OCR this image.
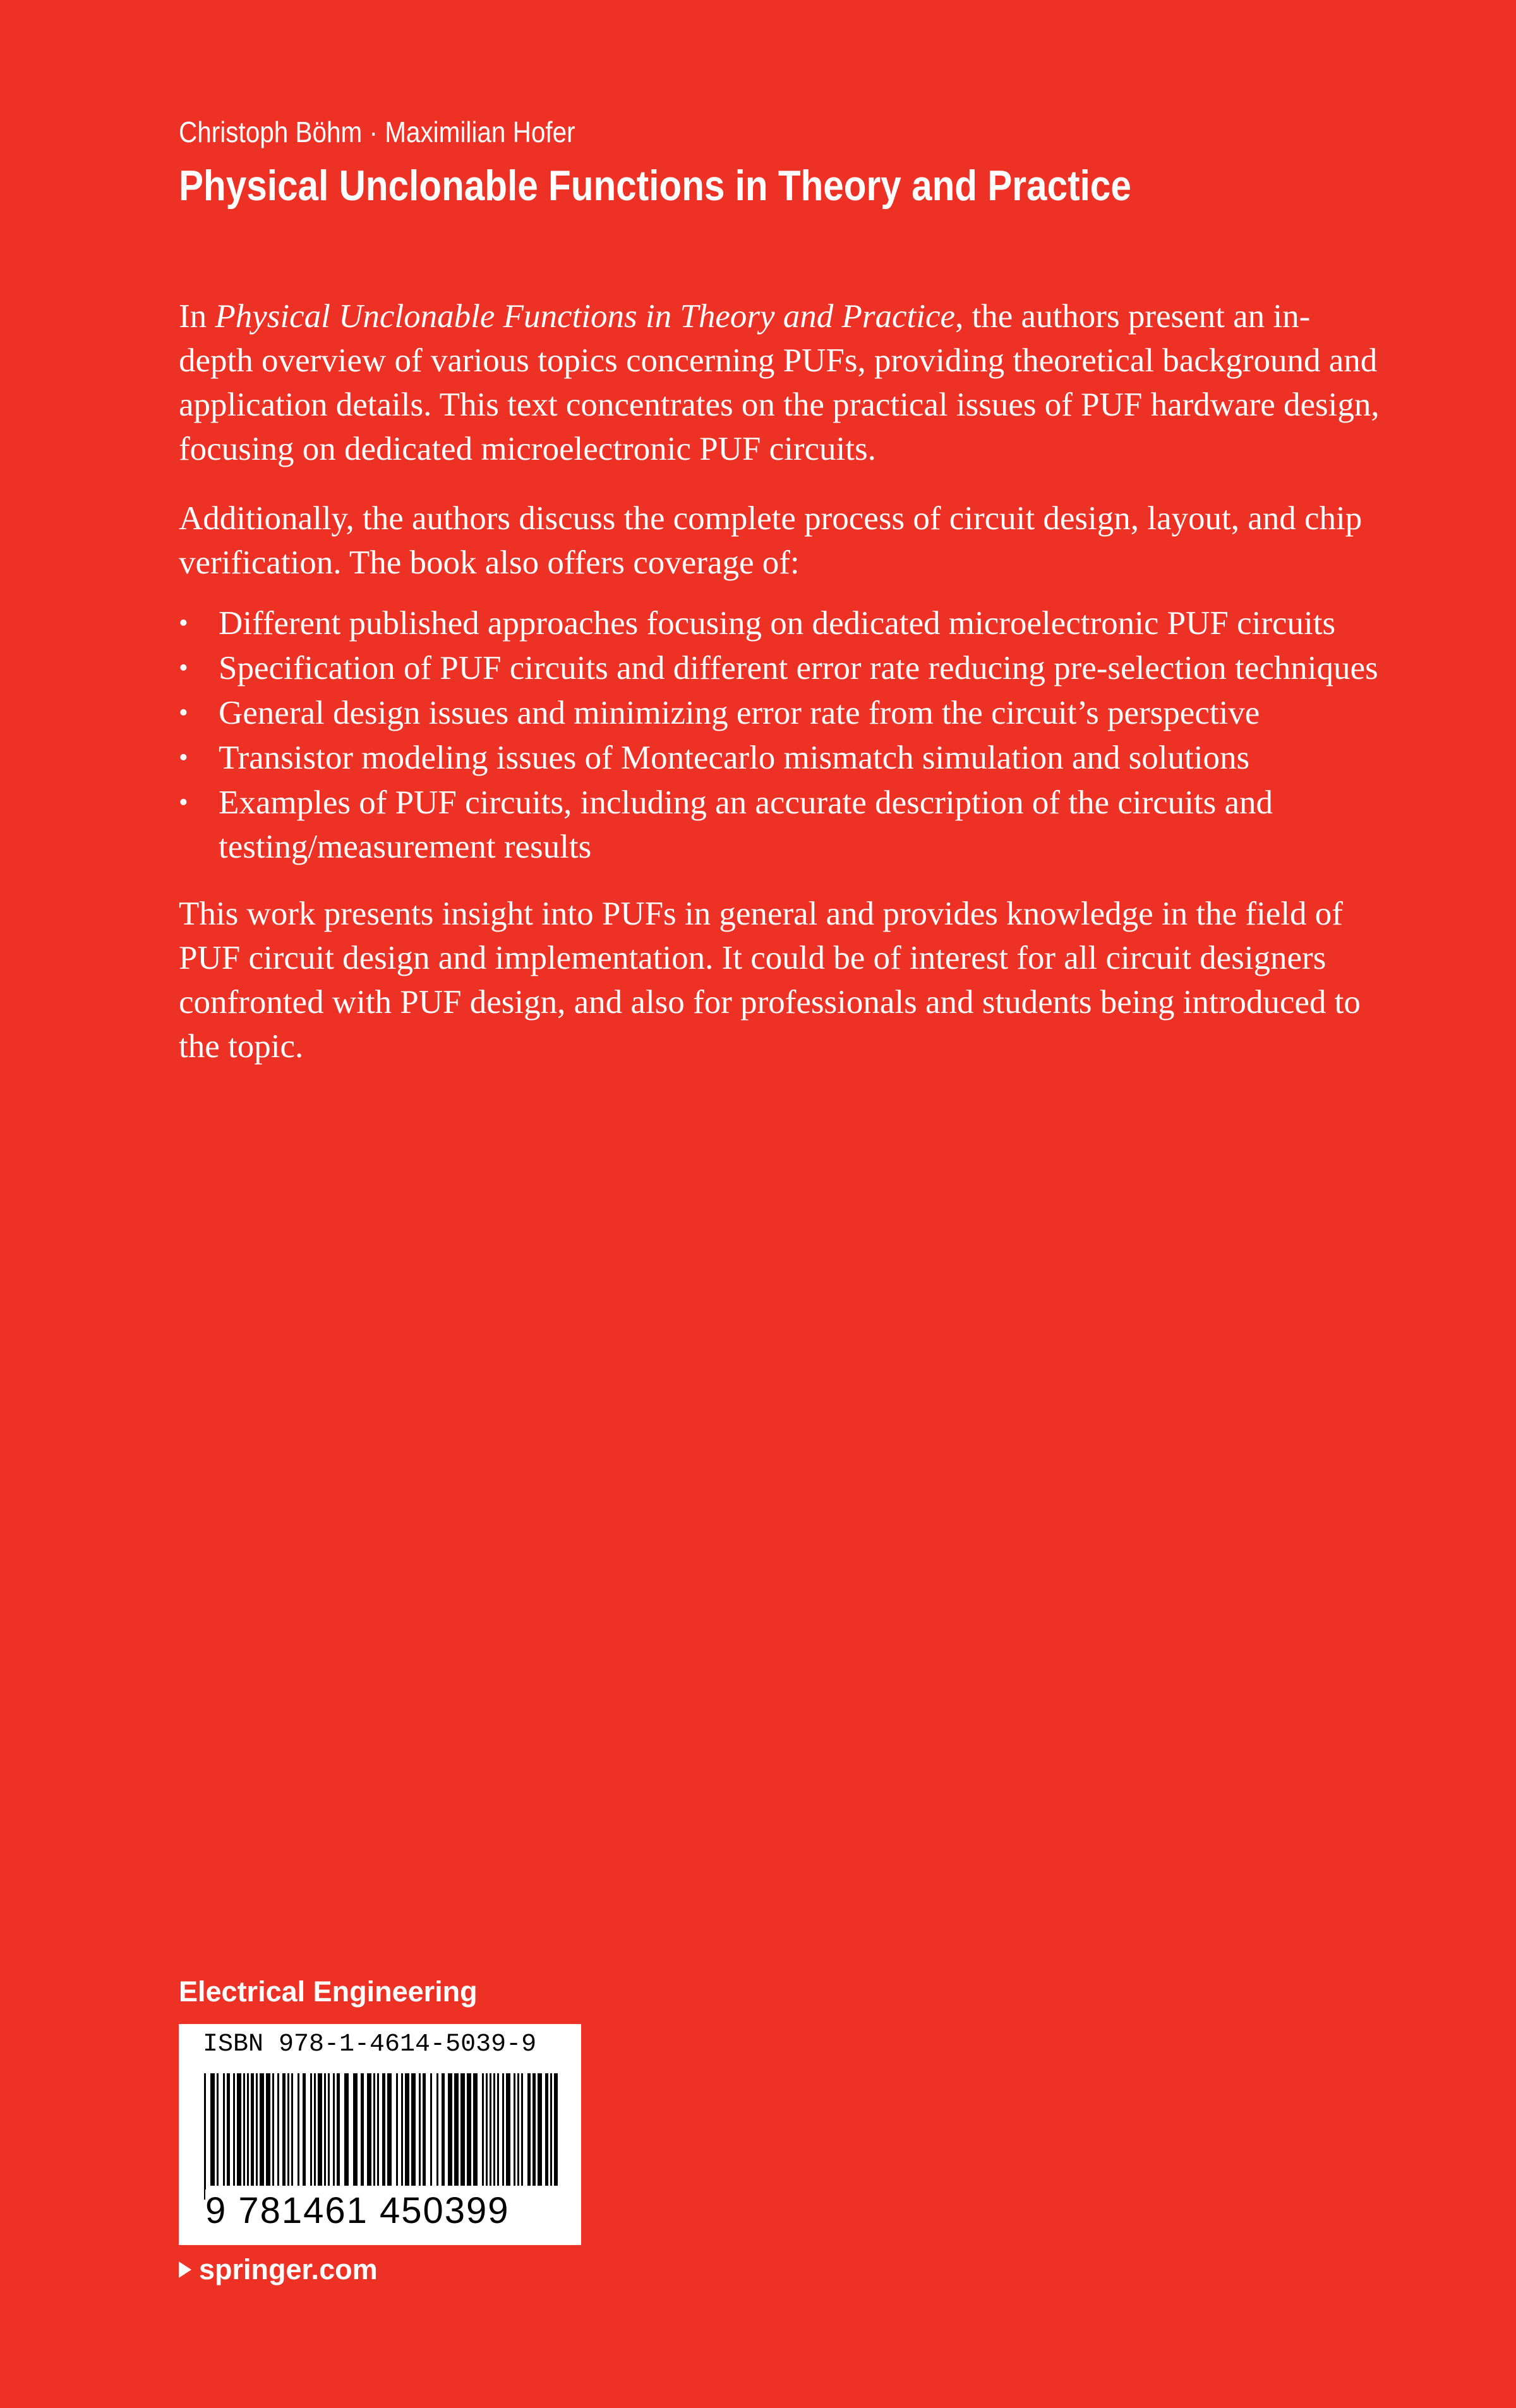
Christoph Böhm · Maximilian Hofer
Physical Unclonable Functions in Theory and Practice

In Physical Unclonable Functions in Theory and Practice, the authors present an in-depth overview of various topics concerning PUFs, providing theoretical background and application details. This text concentrates on the practical issues of PUF hardware design, focusing on dedicated microelectronic PUF circuits.

Additionally, the authors discuss the complete process of circuit design, layout, and chip verification. The book also offers coverage of:

• Different published approaches focusing on dedicated microelectronic PUF circuits
• Specification of PUF circuits and different error rate reducing pre-selection techniques
• General design issues and minimizing error rate from the circuit’s perspective
• Transistor modeling issues of Montecarlo mismatch simulation and solutions
• Examples of PUF circuits, including an accurate description of the circuits and testing/measurement results

This work presents insight into PUFs in general and provides knowledge in the field of PUF circuit design and implementation. It could be of interest for all circuit designers confronted with PUF design, and also for professionals and students being introduced to the topic.

Electrical Engineering
ISBN 978-1-4614-5039-9
9 781461 450399
springer.com
